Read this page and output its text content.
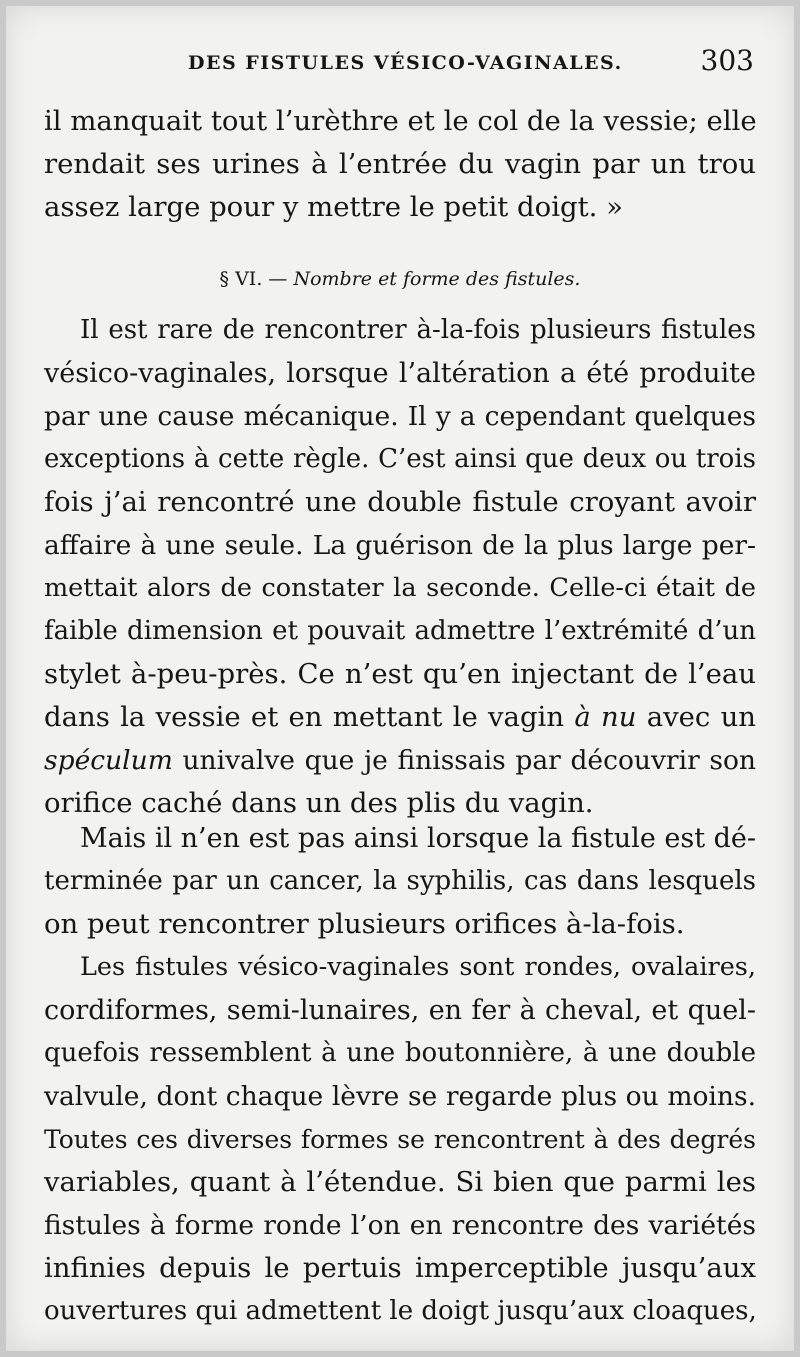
DES FISTULES VÉSICO-VAGINALES.	303
il manquait tout l’urèthre et le col de la vessie; elle
rendait ses urines à l’entrée du vagin par un trou
assez large pour y mettre le petit doigt. »
§ VI. — Nombre et forme des fistules.
Il est rare de rencontrer à-la-fois plusieurs fistules
vésico-vaginales, lorsque l’altération a été produite
par une cause mécanique. Il y a cependant quelques
exceptions à cette règle. C’est ainsi que deux ou trois
fois j’ai rencontré une double fistule croyant avoir
affaire à une seule. La guérison de la plus large per-
mettait alors de constater la seconde. Celle-ci était de
faible dimension et pouvait admettre l’extrémité d’un
stylet à-peu-près. Ce n’est qu’en injectant de l’eau
dans la vessie et en mettant le vagin à nu avec un
spéculum univalve que je finissais par découvrir son
orifice caché dans un des plis du vagin.
Mais il n’en est pas ainsi lorsque la fistule est dé-
terminée par un cancer, la syphilis, cas dans lesquels
on peut rencontrer plusieurs orifices à-la-fois.
Les fistules vésico-vaginales sont rondes, ovalaires,
cordiformes, semi-lunaires, en fer à cheval, et quel-
quefois ressemblent à une boutonnière, à une double
valvule, dont chaque lèvre se regarde plus ou moins.
Toutes ces diverses formes se rencontrent à des degrés
variables, quant à l’étendue. Si bien que parmi les
fistules à forme ronde l’on en rencontre des variétés
infinies depuis le pertuis imperceptible jusqu’aux
ouvertures qui admettent le doigt jusqu’aux cloaques,
